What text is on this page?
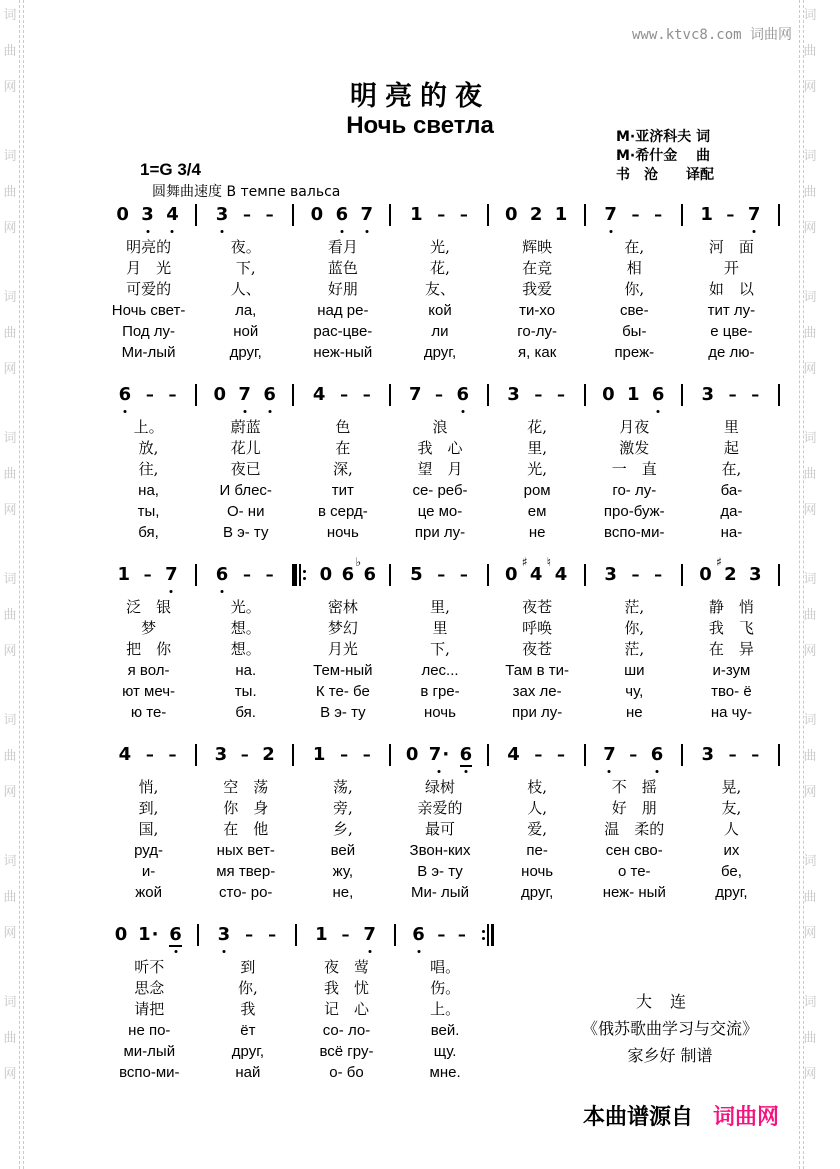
词
曲
网
词
曲
网
词
曲
网
词
曲
网
词
曲
网
词
曲
网
词
曲
网
词
曲
网
词
曲
网
词
曲
网
词
曲
网
词
曲
网
词
曲
网
词
曲
网
词
曲
网
词
曲
网
www.ktvc8.com 词曲网
明亮的夜
Ночь светла	М·亚济科夫 词
М·希什金　 曲
书　沧　　译配
1=G 3/4
圆舞曲速度 В темпе вальса
0 3 4
明亮的
月　光
可爱的
Ночь свет-
Под лу-
Ми-лый
3 – –
夜。
下,
人、
ла,
ной
друг,
0 6 7
看月
蓝色
好朋
над ре-
рас-цве-
неж-ный
1 – –
光,
花,
友、
кой
ли
друг,
0 2 1
辉映
在竞
我爱
ти-хо
го-лу-
я, как
7 – –
在,
相
你,
све-
бы-
преж-
1 – 7
河　面
开
如　以
тит лу-
е цве-
де лю-
6 – –
上。
放,
往,
на,
ты,
бя,
0 7 6
蔚蓝
花儿
夜已
И блес-
О- ни
В э- ту
4 – –
色
在
深,
тит
в серд-
ночь
7 – 6
浪
我　心
望　月
се- реб-
це мо-
при лу-
3 – –
花,
里,
光,
ром
ем
не
0 1 6
月夜
激发
一　直
го- лу-
про-буж-
вспо-ми-
3 – –
里
起
在,
ба-
да-
на-
1 – 7
泛　银
梦
把　你
я вол-
ют меч-
ю те-
6 – –
光。
想。
想。
на.
ты.
бя.
0 6
♭
6
密林
梦幻
月光
Тем-ный
К те- бе
В э- ту
5 – –
里,
里
下,
лес...
в гре-
ночь
0
♯
4
♮
4
夜苍
呼唤
夜苍
Там в ти-
зах ле-
при лу-
3 – –
茫,
你,
茫,
ши
чу,
не
0
♯
2 3
静　悄
我　飞
在　异
и-зум
тво- ё
на чу-
4 – –
悄,
到,
国,
руд-
и-
жой
3 – 2
空　荡
你　身
在　他
ных вет-
мя твер-
сто- ро-
1 – –
荡,
旁,
乡,
вей
жу,
не,
0 7· 6
绿树
亲爱的
最可
Звон-ких
В э- ту
Ми- лый
4 – –
枝,
人,
爱,
пе-
ночь
друг,
7 – 6
不　摇
好　朋
温　柔的
сен сво-
о те-
неж- ный
3 – –
晃,
友,
人
их
бе,
друг,
0 1· 6
听不
思念
请把
не по-
ми-лый
вспо-ми-
3 – –
到
你,
我
ёт
друг,
най
1 – 7
夜　莺
我　忧
记　心
со- ло-
всё гру-
о- бо
6 – –
唱。
伤。
上。
вей.
щу.
мне.
大连
《俄苏歌曲学习与交流》
家乡好 制谱
本曲谱源自 词曲网
